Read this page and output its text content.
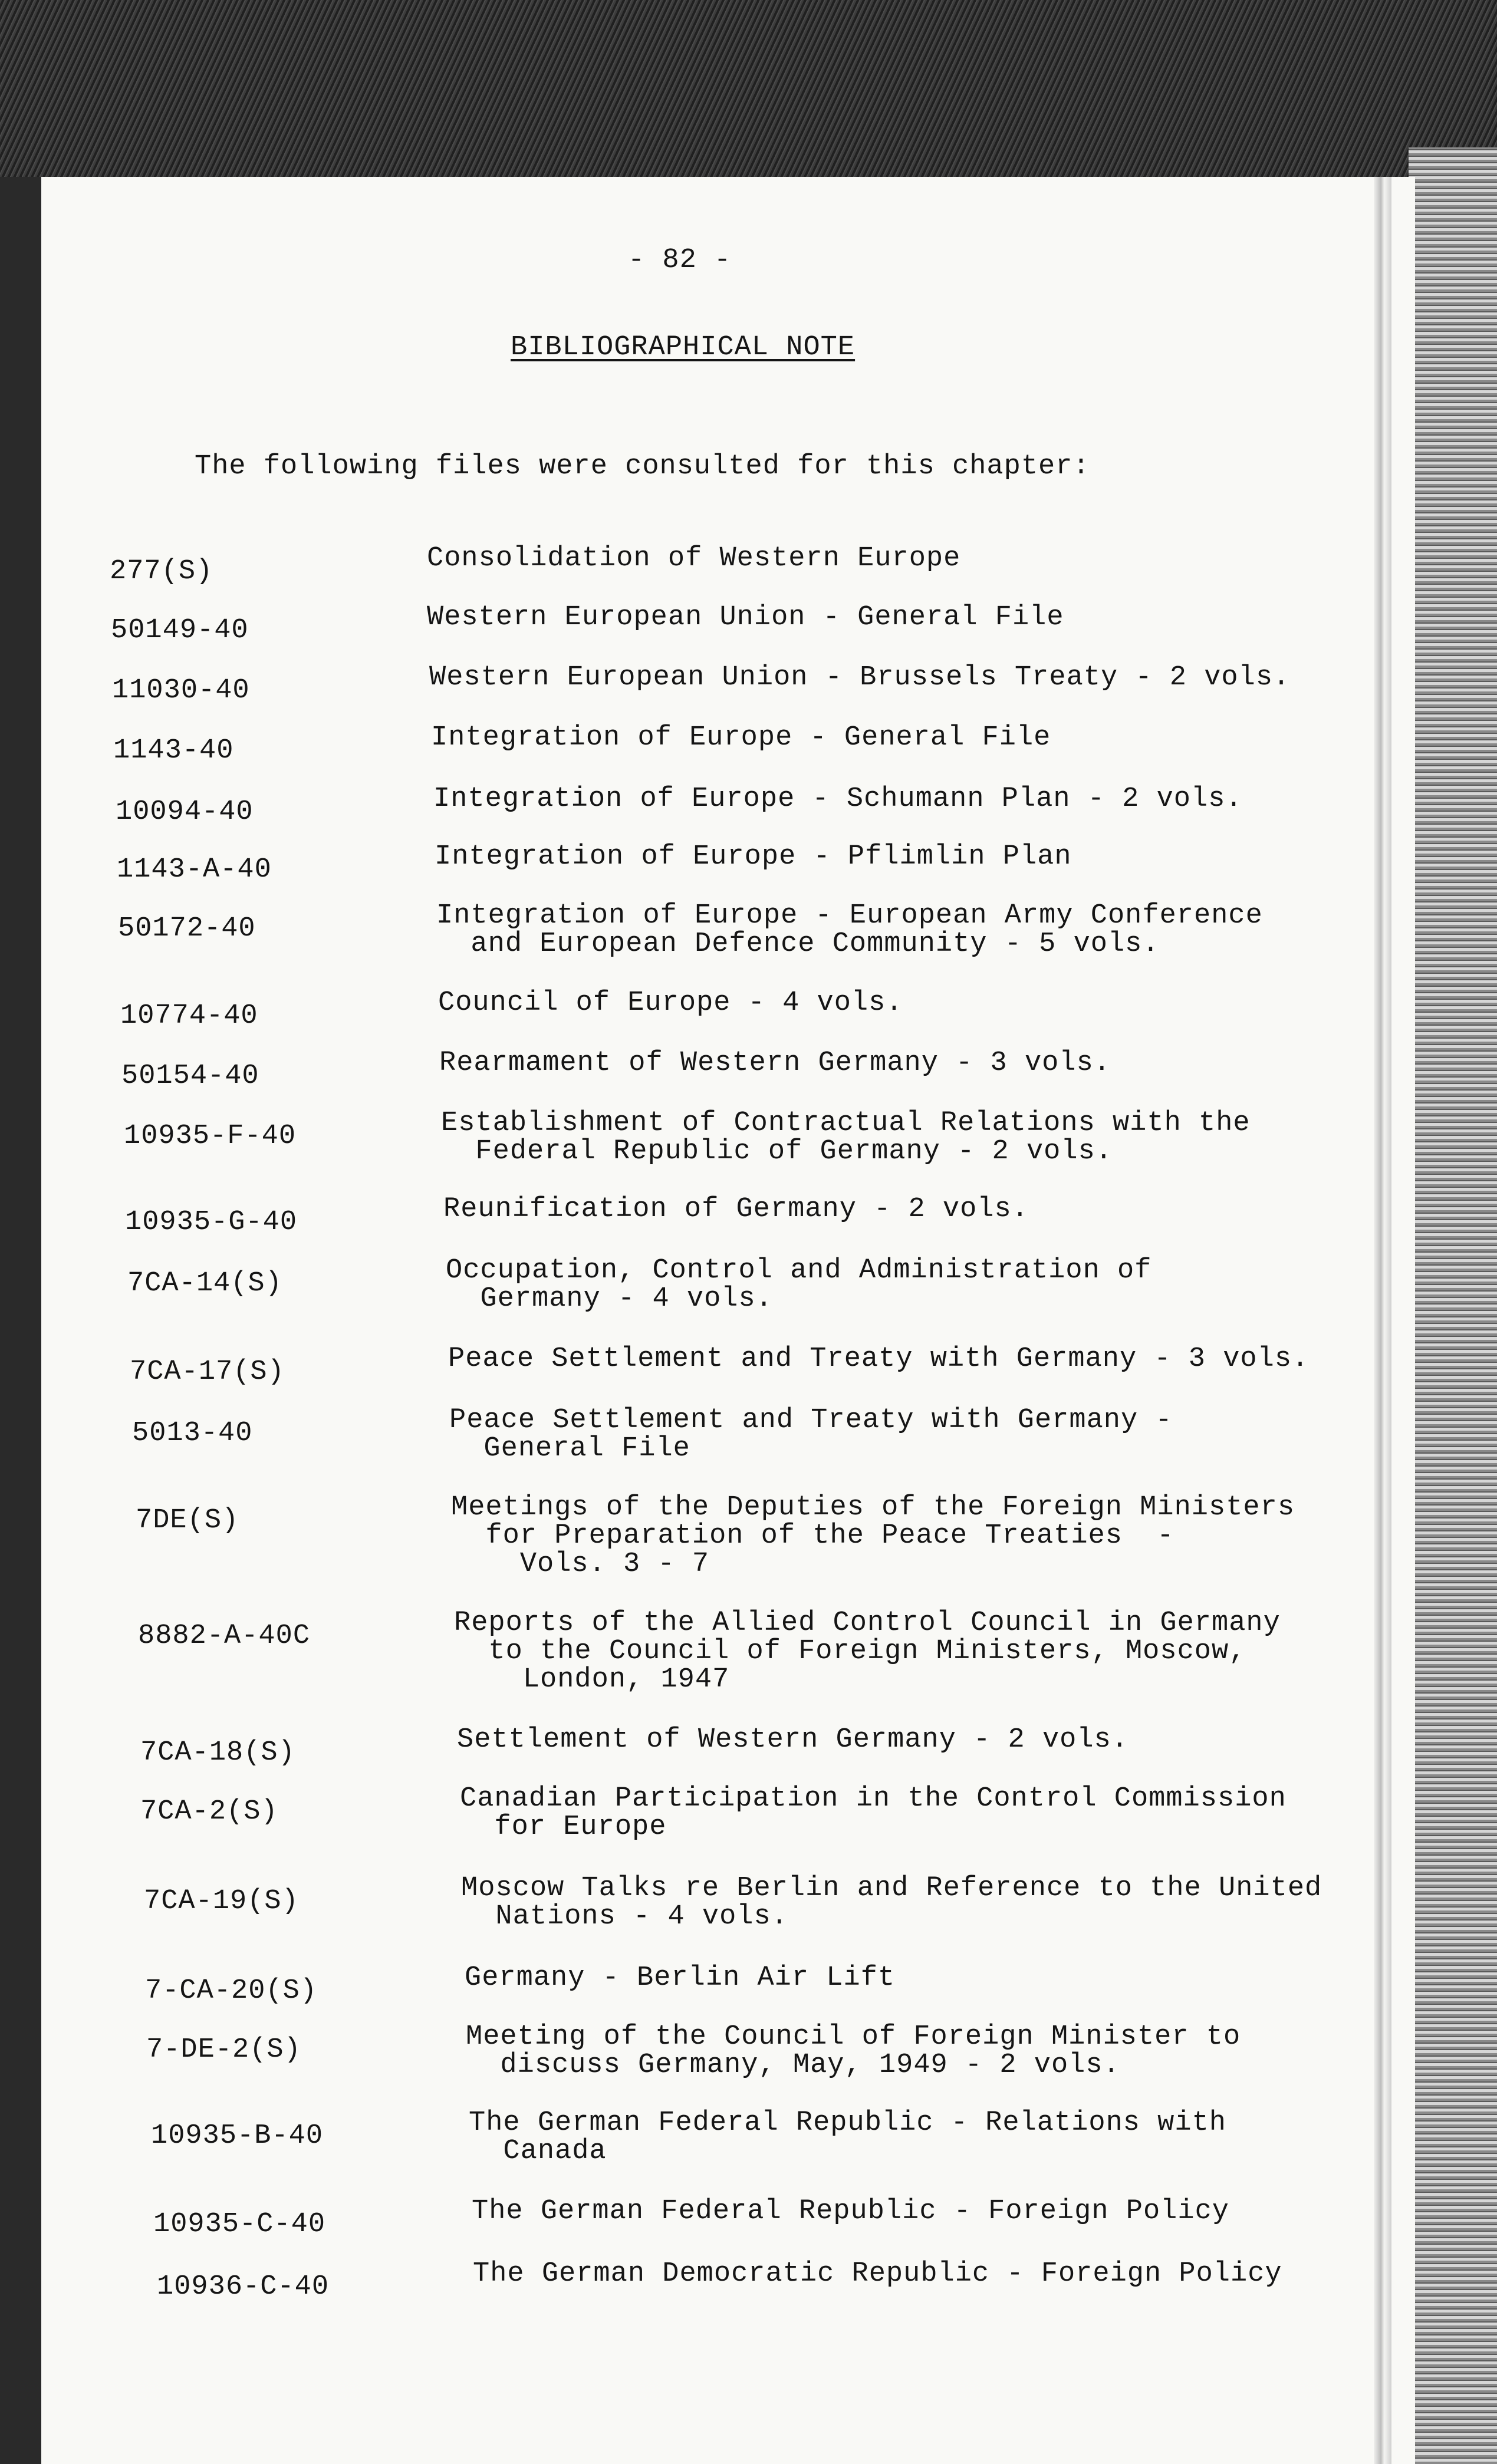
- 82 -
BIBLIOGRAPHICAL NOTE
The following files were consulted for this chapter:
277(S)	Consolidation of Western Europe
50149-40	Western European Union - General File
11030-40	Western European Union - Brussels Treaty - 2 vols.
1143-40	Integration of Europe - General File
10094-40	Integration of Europe - Schumann Plan - 2 vols.
1143-A-40	Integration of Europe - Pflimlin Plan
50172-40	Integration of Europe - European Army Conference
and European Defence Community - 5 vols.
10774-40	Council of Europe - 4 vols.
50154-40	Rearmament of Western Germany - 3 vols.
10935-F-40	Establishment of Contractual Relations with the
Federal Republic of Germany - 2 vols.
10935-G-40	Reunification of Germany - 2 vols.
7CA-14(S)	Occupation, Control and Administration of
Germany - 4 vols.
7CA-17(S)	Peace Settlement and Treaty with Germany - 3 vols.
5013-40	Peace Settlement and Treaty with Germany -
General File
7DE(S)	Meetings of the Deputies of the Foreign Ministers
for Preparation of the Peace Treaties  -
Vols. 3 - 7
8882-A-40C	Reports of the Allied Control Council in Germany
to the Council of Foreign Ministers, Moscow,
London, 1947
7CA-18(S)	Settlement of Western Germany - 2 vols.
7CA-2(S)	Canadian Participation in the Control Commission
for Europe
7CA-19(S)	Moscow Talks re Berlin and Reference to the United
Nations - 4 vols.
7-CA-20(S)	Germany - Berlin Air Lift
7-DE-2(S)	Meeting of the Council of Foreign Minister to
discuss Germany, May, 1949 - 2 vols.
10935-B-40	The German Federal Republic - Relations with
Canada
10935-C-40	The German Federal Republic - Foreign Policy
10936-C-40	The German Democratic Republic - Foreign Policy
